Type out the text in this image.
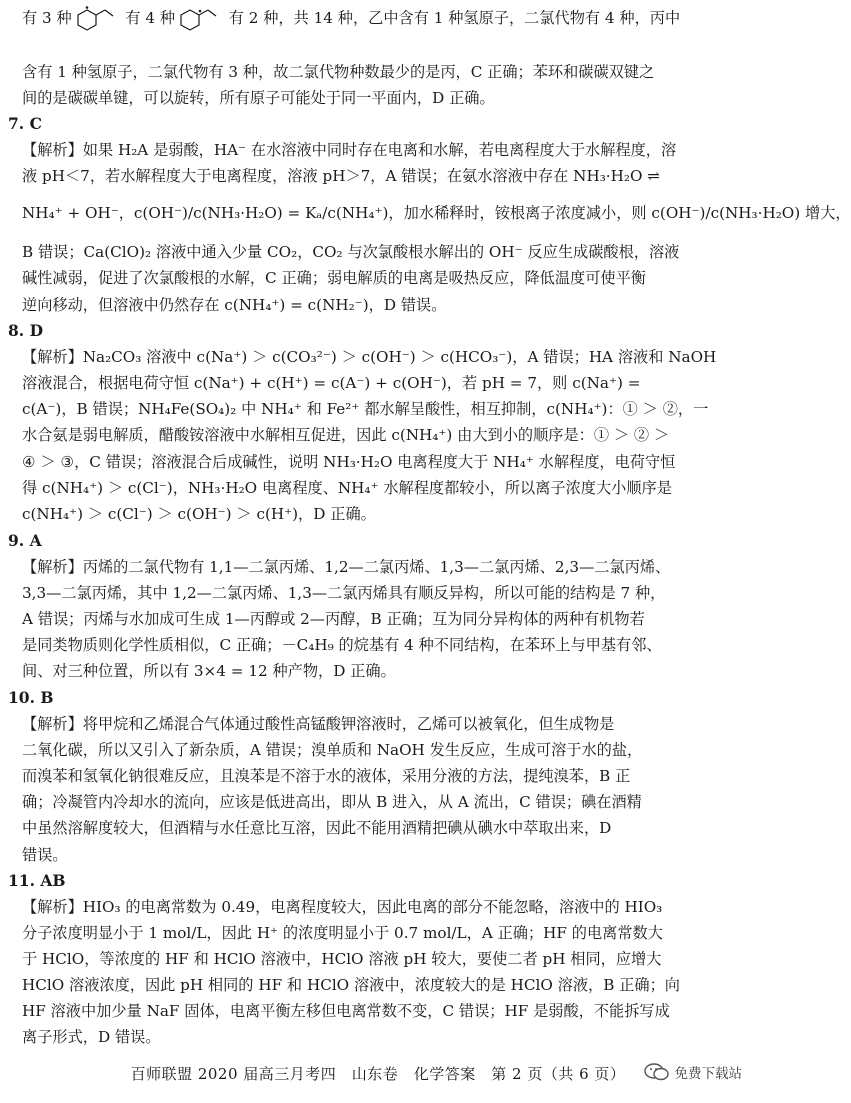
有 3 种	有 4 种	有 2 种，共 14 种，乙中含有 1 种氢原子，二氯代物有 4 种，丙中
含有 1 种氢原子，二氯代物有 3 种，故二氯代物种数最少的是丙，C 正确；苯环和碳碳双键之
间的是碳碳单键，可以旋转，所有原子可能处于同一平面内，D 正确。
7. C
【解析】如果 H₂A 是弱酸，HA⁻ 在水溶液中同时存在电离和水解，若电离程度大于水解程度，溶
液 pH＜7，若水解程度大于电离程度，溶液 pH＞7，A 错误；在氨水溶液中存在 NH₃·H₂O ⇌
NH₄⁺ + OH⁻，c(OH⁻)/c(NH₃·H₂O) = Kₐ/c(NH₄⁺)，加水稀释时，铵根离子浓度减小，则 c(OH⁻)/c(NH₃·H₂O) 增大，
B 错误；Ca(ClO)₂ 溶液中通入少量 CO₂，CO₂ 与次氯酸根水解出的 OH⁻ 反应生成碳酸根，溶液
碱性减弱，促进了次氯酸根的水解，C 正确；弱电解质的电离是吸热反应，降低温度可使平衡
逆向移动，但溶液中仍然存在 c(NH₄⁺) = c(NH₂⁻)，D 错误。
8. D
【解析】Na₂CO₃ 溶液中 c(Na⁺) ＞ c(CO₃²⁻) ＞ c(OH⁻) ＞ c(HCO₃⁻)，A 错误；HA 溶液和 NaOH
溶液混合，根据电荷守恒 c(Na⁺) + c(H⁺) = c(A⁻) + c(OH⁻)，若 pH = 7，则 c(Na⁺) =
c(A⁻)，B 错误；NH₄Fe(SO₄)₂ 中 NH₄⁺ 和 Fe²⁺ 都水解呈酸性，相互抑制，c(NH₄⁺)：① ＞ ②，一
水合氨是弱电解质，醋酸铵溶液中水解相互促进，因此 c(NH₄⁺) 由大到小的顺序是：① ＞ ② ＞
④ ＞ ③，C 错误；溶液混合后成碱性，说明 NH₃·H₂O 电离程度大于 NH₄⁺ 水解程度，电荷守恒
得 c(NH₄⁺) ＞ c(Cl⁻)，NH₃·H₂O 电离程度、NH₄⁺ 水解程度都较小，所以离子浓度大小顺序是
c(NH₄⁺) ＞ c(Cl⁻) ＞ c(OH⁻) ＞ c(H⁺)，D 正确。
9. A
【解析】丙烯的二氯代物有 1,1—二氯丙烯、1,2—二氯丙烯、1,3—二氯丙烯、2,3—二氯丙烯、
3,3—二氯丙烯，其中 1,2—二氯丙烯、1,3—二氯丙烯具有顺反异构，所以可能的结构是 7 种，
A 错误；丙烯与水加成可生成 1—丙醇或 2—丙醇，B 正确；互为同分异构体的两种有机物若
是同类物质则化学性质相似，C 正确；－C₄H₉ 的烷基有 4 种不同结构，在苯环上与甲基有邻、
间、对三种位置，所以有 3×4 = 12 种产物，D 正确。
10. B
【解析】将甲烷和乙烯混合气体通过酸性高锰酸钾溶液时，乙烯可以被氧化，但生成物是
二氧化碳，所以又引入了新杂质，A 错误；溴单质和 NaOH 发生反应，生成可溶于水的盐，
而溴苯和氢氧化钠很难反应，且溴苯是不溶于水的液体，采用分液的方法，提纯溴苯，B 正
确；冷凝管内冷却水的流向，应该是低进高出，即从 B 进入，从 A 流出，C 错误；碘在酒精
中虽然溶解度较大，但酒精与水任意比互溶，因此不能用酒精把碘从碘水中萃取出来，D
错误。
11. AB
【解析】HIO₃ 的电离常数为 0.49，电离程度较大，因此电离的部分不能忽略，溶液中的 HIO₃
分子浓度明显小于 1 mol/L，因此 H⁺ 的浓度明显小于 0.7 mol/L，A 正确；HF 的电离常数大
于 HClO，等浓度的 HF 和 HClO 溶液中，HClO 溶液 pH 较大，要使二者 pH 相同，应增大
HClO 溶液浓度，因此 pH 相同的 HF 和 HClO 溶液中，浓度较大的是 HClO 溶液，B 正确；向
HF 溶液中加少量 NaF 固体，电离平衡左移但电离常数不变，C 错误；HF 是弱酸，不能拆写成
离子形式，D 错误。
百师联盟 2020 届高三月考四　山东卷　化学答案　第 2 页（共 6 页）	免费下载站
